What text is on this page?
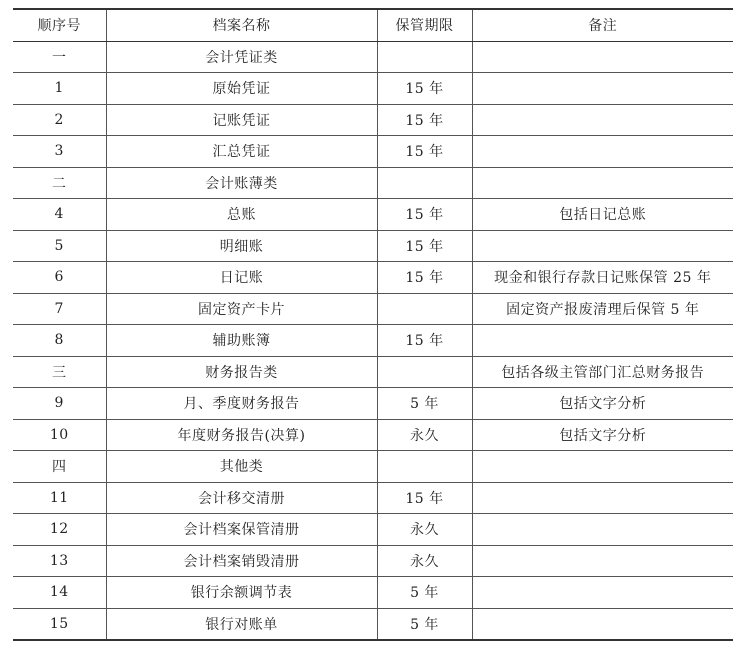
顺序号	档案名称	保管期限	备注
一	会计凭证类		
1	原始凭证	15 年	
2	记账凭证	15 年	
3	汇总凭证	15 年	
二	会计账薄类		
4	总账	15 年	包括日记总账
5	明细账	15 年	
6	日记账	15 年	现金和银行存款日记账保管 25 年
7	固定资产卡片		固定资产报废清理后保管 5 年
8	辅助账簿	15 年	
三	财务报告类		包括各级主管部门汇总财务报告
9	月、季度财务报告	5 年	包括文字分析
10	年度财务报告(决算)	永久	包括文字分析
四	其他类		
11	会计移交清册	15 年	
12	会计档案保管清册	永久	
13	会计档案销毁清册	永久	
14	银行余额调节表	5 年	
15	银行对账单	5 年	
